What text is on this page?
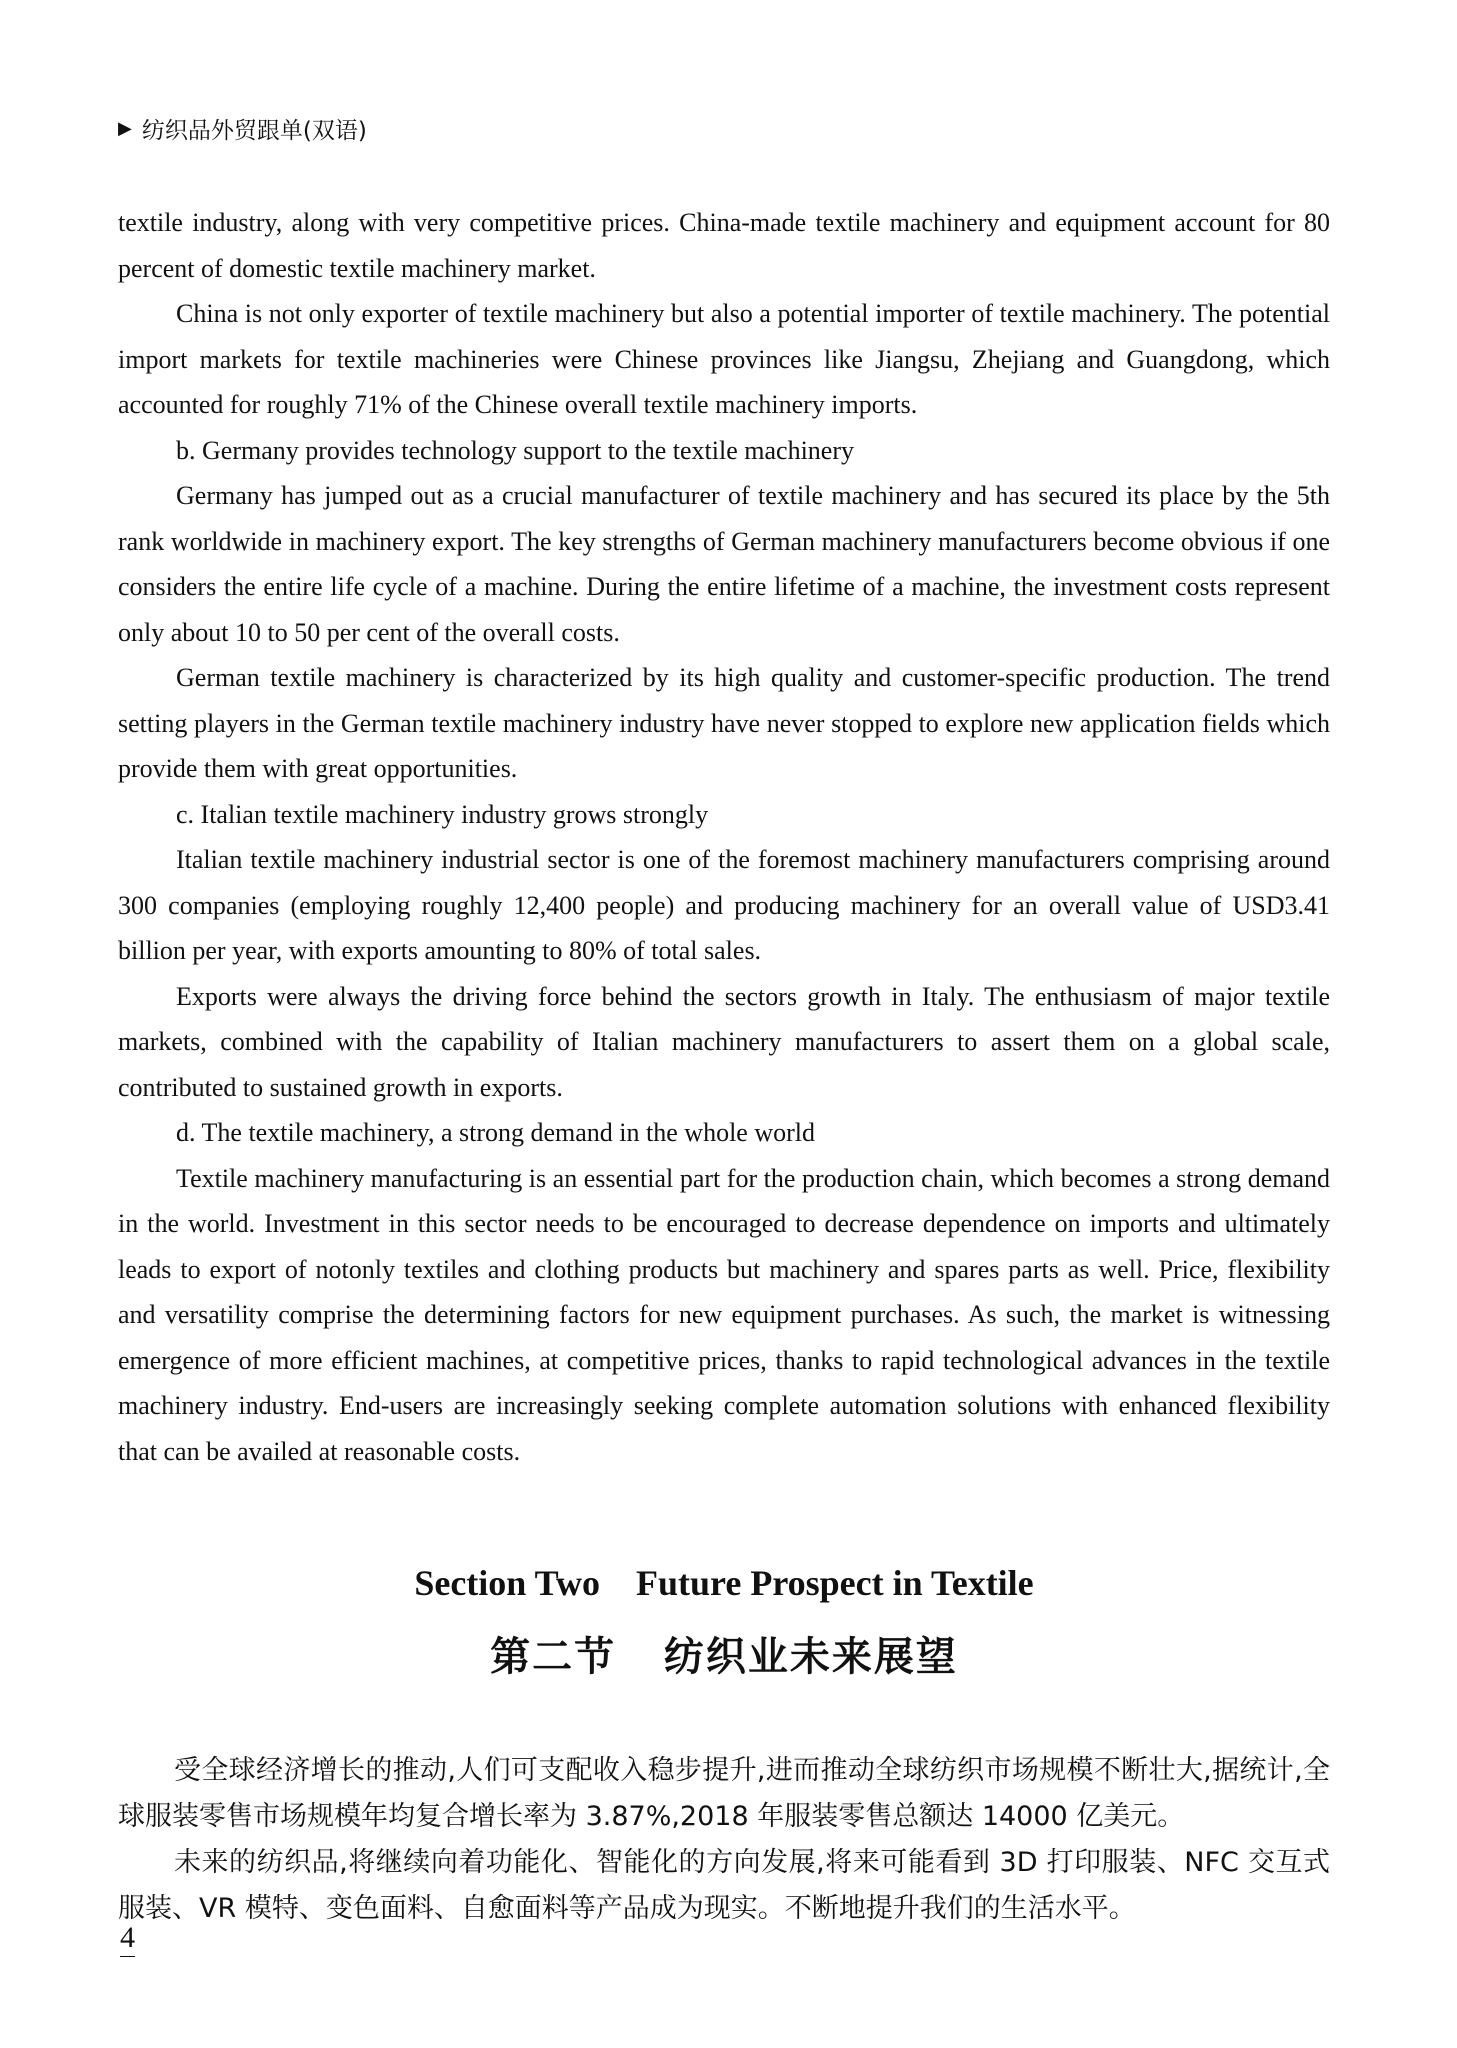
▶ 纺织品外贸跟单(双语)

textile industry, along with very competitive prices. China-made textile machinery and equipment account for 80 percent of domestic textile machinery market.

China is not only exporter of textile machinery but also a potential importer of textile machinery. The potential import markets for textile machineries were Chinese provinces like Jiangsu, Zhejiang and Guangdong, which accounted for roughly 71% of the Chinese overall textile machinery imports.

b. Germany provides technology support to the textile machinery

Germany has jumped out as a crucial manufacturer of textile machinery and has secured its place by the 5th rank worldwide in machinery export. The key strengths of German machinery manufacturers become obvious if one considers the entire life cycle of a machine. During the entire lifetime of a machine, the investment costs represent only about 10 to 50 per cent of the overall costs.

German textile machinery is characterized by its high quality and customer-specific production. The trend setting players in the German textile machinery industry have never stopped to explore new application fields which provide them with great opportunities.

c. Italian textile machinery industry grows strongly

Italian textile machinery industrial sector is one of the foremost machinery manufacturers comprising around 300 companies (employing roughly 12,400 people) and producing machinery for an overall value of USD3.41 billion per year, with exports amounting to 80% of total sales.

Exports were always the driving force behind the sectors growth in Italy. The enthusiasm of major textile markets, combined with the capability of Italian machinery manufacturers to assert them on a global scale, contributed to sustained growth in exports.

d. The textile machinery, a strong demand in the whole world

Textile machinery manufacturing is an essential part for the production chain, which becomes a strong demand in the world. Investment in this sector needs to be encouraged to decrease dependence on imports and ultimately leads to export of notonly textiles and clothing products but machinery and spares parts as well. Price, flexibility and versatility comprise the determining factors for new equipment purchases. As such, the market is witnessing emergence of more efficient machines, at competitive prices, thanks to rapid technological advances in the textile machinery industry. End-users are increasingly seeking complete automation solutions with enhanced flexibility that can be availed at reasonable costs.

Section Two    Future Prospect in Textile
第二节   纺织业未来展望

受全球经济增长的推动,人们可支配收入稳步提升,进而推动全球纺织市场规模不断壮大,据统计,全球服装零售市场规模年均复合增长率为 3.87%,2018 年服装零售总额达 14000 亿美元。

未来的纺织品,将继续向着功能化、智能化的方向发展,将来可能看到 3D 打印服装、NFC 交互式服装、VR 模特、变色面料、自愈面料等产品成为现实。不断地提升我们的生活水平。

4
